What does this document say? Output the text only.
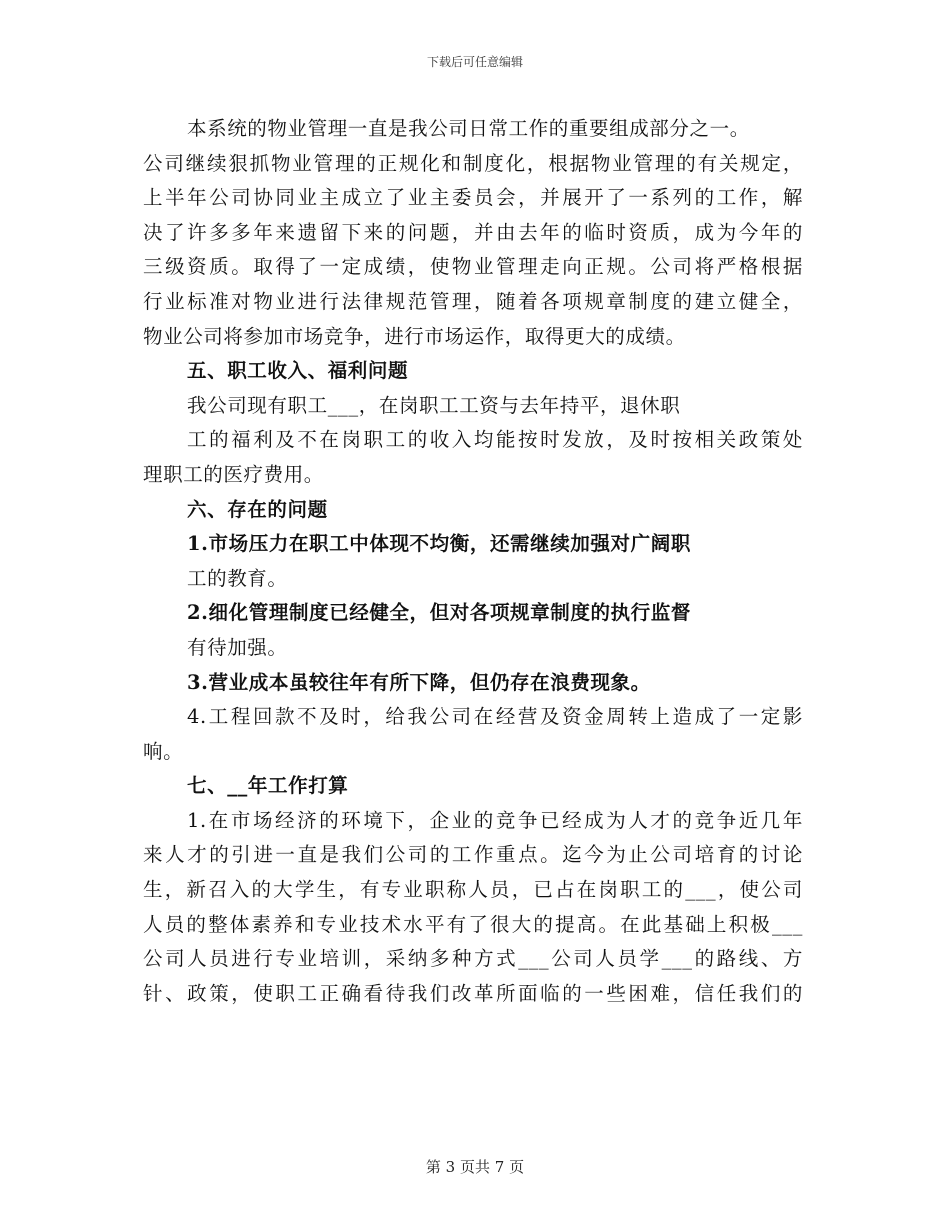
下载后可任意编辑
本系统的物业管理一直是我公司日常工作的重要组成部分之一。
公司继续狠抓物业管理的正规化和制度化，根据物业管理的有关规定，
上半年公司协同业主成立了业主委员会，并展开了一系列的工作，解
决了许多多年来遗留下来的问题，并由去年的临时资质，成为今年的
三级资质。取得了一定成绩，使物业管理走向正规。公司将严格根据
行业标准对物业进行法律规范管理，随着各项规章制度的建立健全，
物业公司将参加市场竞争，进行市场运作，取得更大的成绩。
五、职工收入、福利问题
我公司现有职工___，在岗职工工资与去年持平，退休职
工的福利及不在岗职工的收入均能按时发放，及时按相关政策处
理职工的医疗费用。
六、存在的问题
1.市场压力在职工中体现不均衡，还需继续加强对广阔职
工的教育。
2.细化管理制度已经健全，但对各项规章制度的执行监督
有待加强。
3.营业成本虽较往年有所下降，但仍存在浪费现象。
4.工程回款不及时，给我公司在经营及资金周转上造成了一定影
响。
七、__年工作打算
1.在市场经济的环境下，企业的竞争已经成为人才的竞争近几年
来人才的引进一直是我们公司的工作重点。迄今为止公司培育的讨论
生，新召入的大学生，有专业职称人员，已占在岗职工的___，使公司
人员的整体素养和专业技术水平有了很大的提高。在此基础上积极___
公司人员进行专业培训，采纳多种方式___公司人员学___的路线、方
针、政策，使职工正确看待我们改革所面临的一些困难，信任我们的
第 3 页共 7 页
